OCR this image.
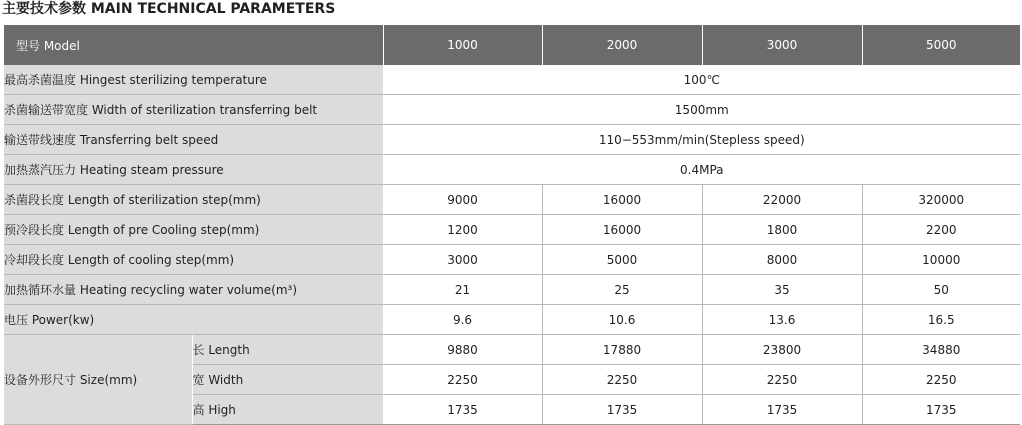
主要技术参数 MAIN TECHNICAL PARAMETERS
型号 Model		1000	2000	3000	5000
最高杀菌温度 Hingest sterilizing temperature		100℃			
杀菌输送带宽度 Width of sterilization transferring belt		1500mm			
输送带线速度 Transferring belt speed		110−553mm/min(Stepless speed)			
加热蒸汽压力 Heating steam pressure		0.4MPa			
杀菌段长度 Length of sterilization step(mm)		9000	16000	22000	320000
预冷段长度 Length of pre Cooling step(mm)		1200	16000	1800	2200
冷却段长度 Length of cooling step(mm)		3000	5000	8000	10000
加热循环水量 Heating recycling water volume(m³)		21	25	35	50
电压 Power(kw)		9.6	10.6	13.6	16.5
设备外形尺寸 Size(mm)	长 Length	9880	17880	23800	34880
	宽 Width	2250	2250	2250	2250
	高 High	1735	1735	1735	1735
